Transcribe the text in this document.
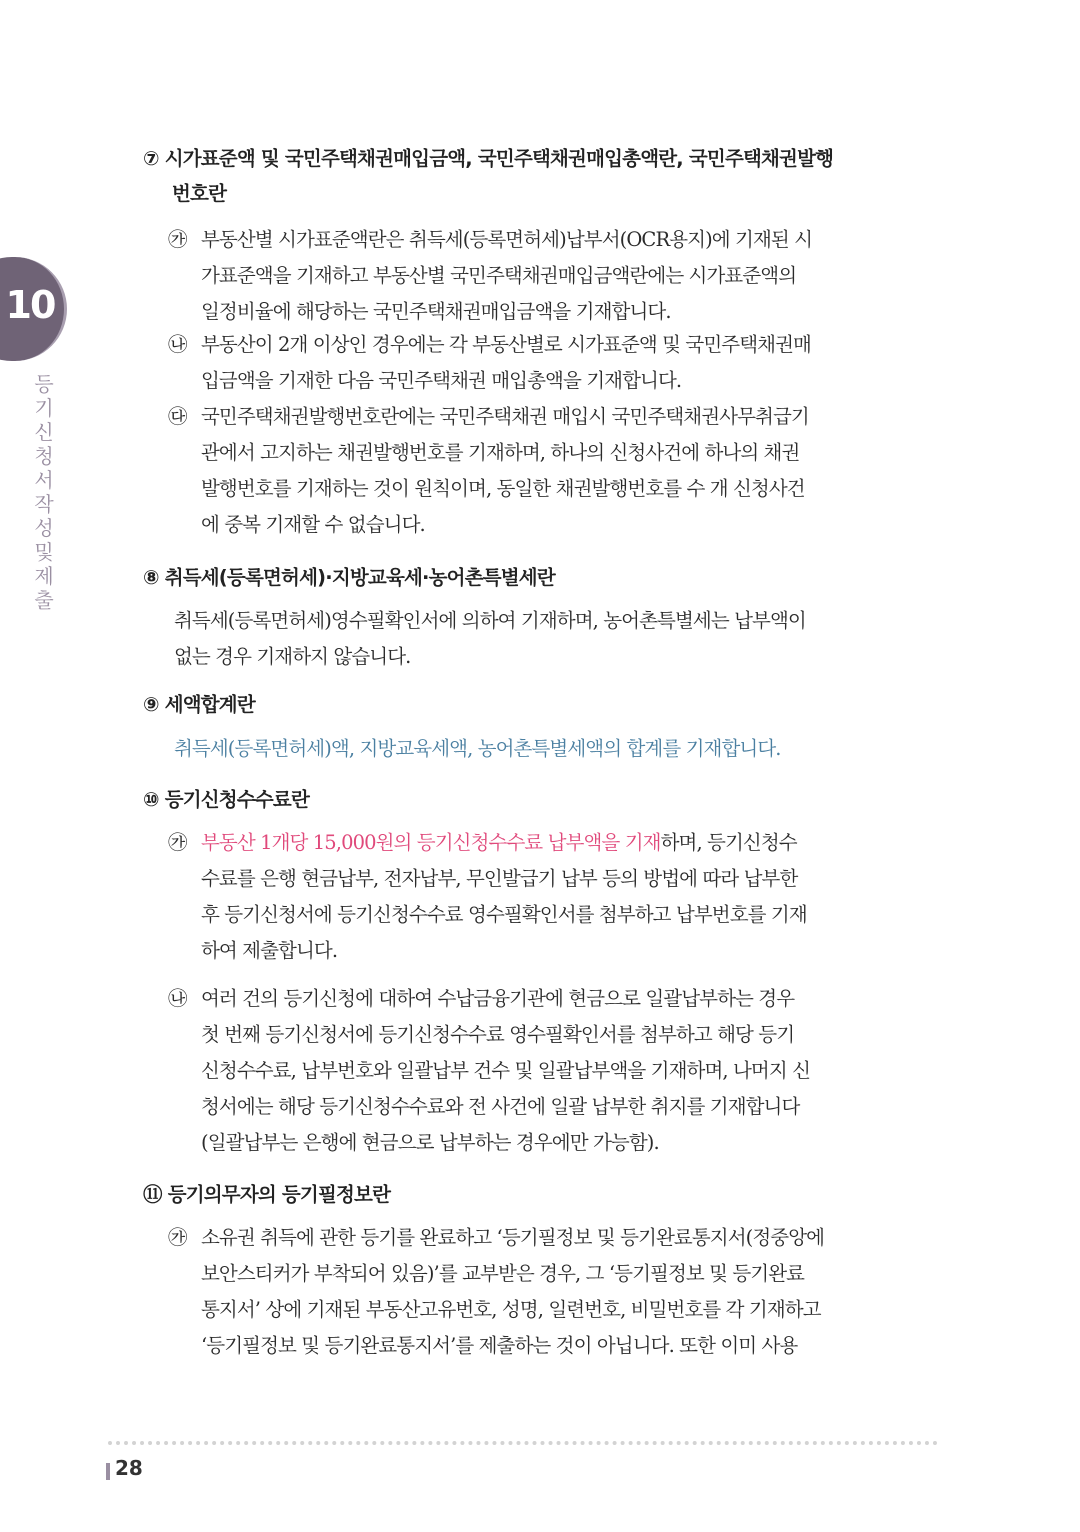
10
등기신청서 작성 및 제출
⑦ 시가표준액 및 국민주택채권매입금액, 국민주택채권매입총액란, 국민주택채권발행
번호란
㉮ 부동산별 시가표준액란은 취득세(등록면허세)납부서(OCR용지)에 기재된 시
가표준액을 기재하고 부동산별 국민주택채권매입금액란에는 시가표준액의
일정비율에 해당하는 국민주택채권매입금액을 기재합니다.
㉯ 부동산이 2개 이상인 경우에는 각 부동산별로 시가표준액 및 국민주택채권매
입금액을 기재한 다음 국민주택채권 매입총액을 기재합니다.
㉰ 국민주택채권발행번호란에는 국민주택채권 매입시 국민주택채권사무취급기
관에서 고지하는 채권발행번호를 기재하며, 하나의 신청사건에 하나의 채권
발행번호를 기재하는 것이 원칙이며, 동일한 채권발행번호를 수 개 신청사건
에 중복 기재할 수 없습니다.
⑧ 취득세(등록면허세)·지방교육세·농어촌특별세란
취득세(등록면허세)영수필확인서에 의하여 기재하며, 농어촌특별세는 납부액이
없는 경우 기재하지 않습니다.
⑨ 세액합계란
취득세(등록면허세)액, 지방교육세액, 농어촌특별세액의 합계를 기재합니다.
⑩ 등기신청수수료란
㉮ 부동산 1개당 15,000원의 등기신청수수료 납부액을 기재하며, 등기신청수
수료를 은행 현금납부, 전자납부, 무인발급기 납부 등의 방법에 따라 납부한
후 등기신청서에 등기신청수수료 영수필확인서를 첨부하고 납부번호를 기재
하여 제출합니다.
㉯ 여러 건의 등기신청에 대하여 수납금융기관에 현금으로 일괄납부하는 경우
첫 번째 등기신청서에 등기신청수수료 영수필확인서를 첨부하고 해당 등기
신청수수료, 납부번호와 일괄납부 건수 및 일괄납부액을 기재하며, 나머지 신
청서에는 해당 등기신청수수료와 전 사건에 일괄 납부한 취지를 기재합니다
(일괄납부는 은행에 현금으로 납부하는 경우에만 가능함).
⑪ 등기의무자의 등기필정보란
㉮ 소유권 취득에 관한 등기를 완료하고 ‘등기필정보 및 등기완료통지서(정중앙에
보안스티커가 부착되어 있음)’를 교부받은 경우, 그 ‘등기필정보 및 등기완료
통지서’ 상에 기재된 부동산고유번호, 성명, 일련번호, 비밀번호를 각 기재하고
‘등기필정보 및 등기완료통지서’를 제출하는 것이 아닙니다. 또한 이미 사용
28
